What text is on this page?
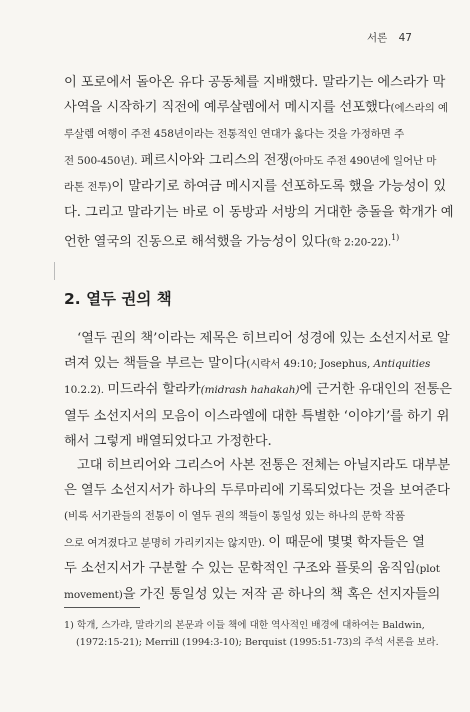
서론 47
이 포로에서 돌아온 유다 공동체를 지배했다. 말라기는 에스라가 막
사역을 시작하기 직전에 예루살렘에서 메시지를 선포했다(에스라의 예
루살렘 여행이 주전 458년이라는 전통적인 연대가 옳다는 것을 가정하면 주
전 500-450년). 페르시아와 그리스의 전쟁(아마도 주전 490년에 일어난 마
라톤 전투)이 말라기로 하여금 메시지를 선포하도록 했을 가능성이 있
다. 그리고 말라기는 바로 이 동방과 서방의 거대한 충돌을 학개가 예
언한 열국의 진동으로 해석했을 가능성이 있다(학 2:20-22).$^{1)}$
2. 열두 권의 책
‘열두 권의 책’이라는 제목은 히브리어 성경에 있는 소선지서로 알
려져 있는 책들을 부르는 말이다(시락서 49:10; Josephus, Antiquities
10.2.2). 미드라쉬 할라카(midrash hahakah)에 근거한 유대인의 전통은
열두 소선지서의 모음이 이스라엘에 대한 특별한 ‘이야기’를 하기 위
해서 그렇게 배열되었다고 가정한다.
고대 히브리어와 그리스어 사본 전통은 전체는 아닐지라도 대부분
은 열두 소선지서가 하나의 두루마리에 기록되었다는 것을 보여준다
(비록 서기관들의 전통이 이 열두 권의 책들이 통일성 있는 하나의 문학 작품
으로 여겨졌다고 분명히 가리키지는 않지만). 이 때문에 몇몇 학자들은 열
두 소선지서가 구분할 수 있는 문학적인 구조와 플롯의 움직임(plot
movement)을 가진 통일성 있는 저작 곧 하나의 책 혹은 선지자들의
1) 학개, 스가랴, 말라기의 본문과 이들 책에 대한 역사적인 배경에 대하여는 Baldwin,
(1972:15-21); Merrill (1994:3-10); Berquist (1995:51-73)의 주석 서론을 보라.
